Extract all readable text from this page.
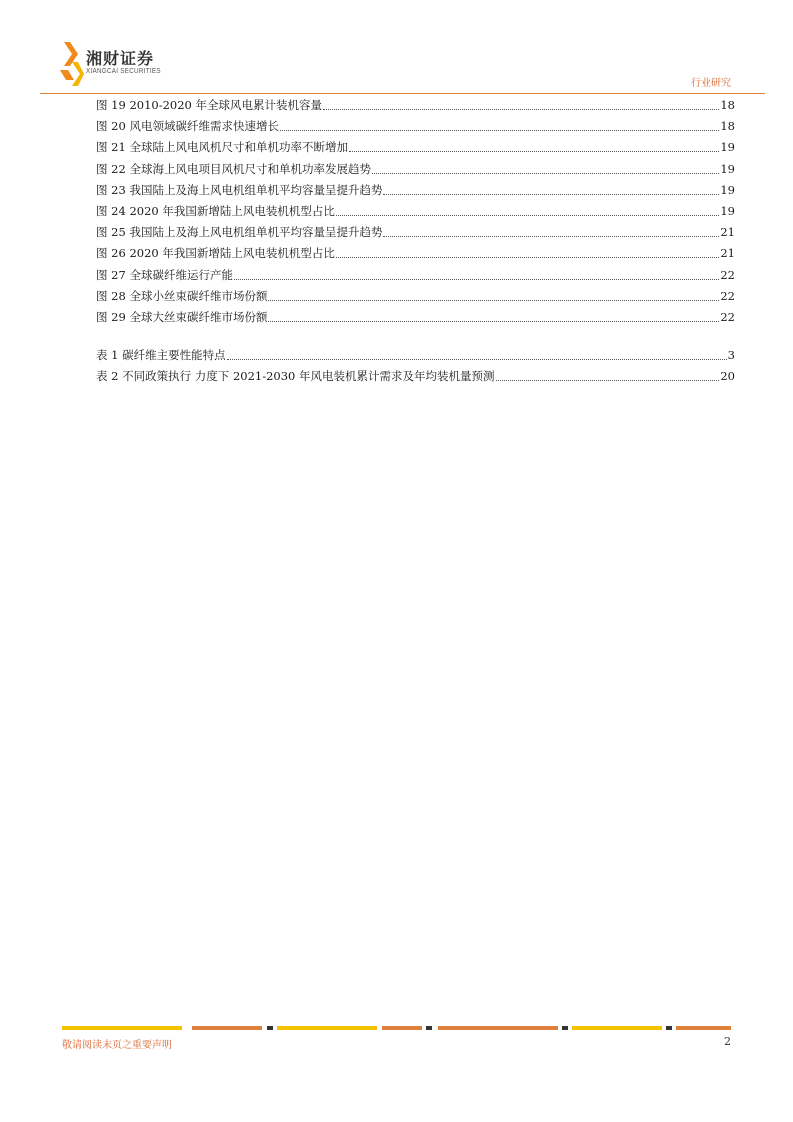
湘财证券
XIANGCAI SECURITIES
行业研究
图 19 2010-2020 年全球风电累计装机容量	18
图 20 风电领域碳纤维需求快速增长	18
图 21 全球陆上风电风机尺寸和单机功率不断增加	19
图 22 全球海上风电项目风机尺寸和单机功率发展趋势	19
图 23 我国陆上及海上风电机组单机平均容量呈提升趋势	19
图 24 2020 年我国新增陆上风电装机机型占比	19
图 25 我国陆上及海上风电机组单机平均容量呈提升趋势	21
图 26 2020 年我国新增陆上风电装机机型占比	21
图 27 全球碳纤维运行产能	22
图 28 全球小丝束碳纤维市场份额	22
图 29 全球大丝束碳纤维市场份额	22
表 1 碳纤维主要性能特点	3
表 2 不同政策执行 力度下 2021-2030 年风电装机累计需求及年均装机量预测	20
敬请阅读末页之重要声明	2
